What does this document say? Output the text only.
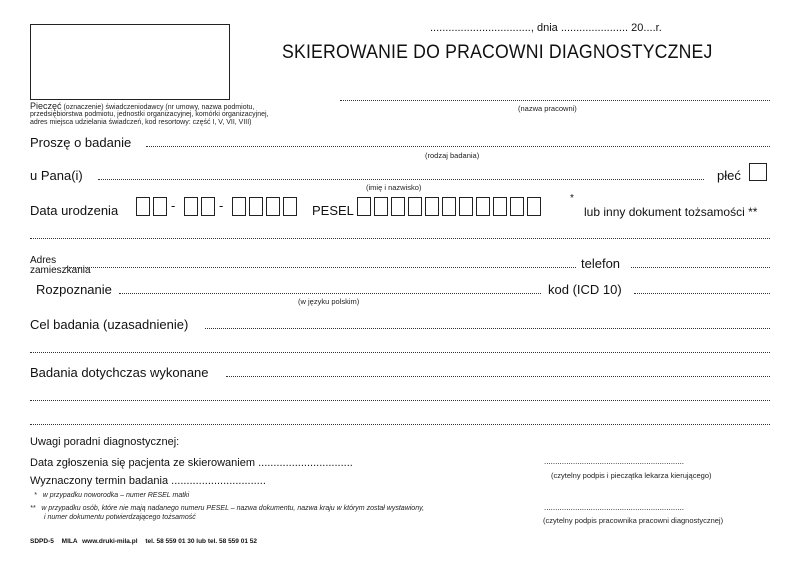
Pieczęć (oznaczenie) świadczeniodawcy (nr umowy, nazwa podmiotu,
przedsiębiorstwa podmiotu, jednostki organizacyjnej, komórki organizacyjnej,
adres miejsca udzielania świadczeń, kod resortowy: część I, V, VII, VIII)
................................., dnia ...................... 20....r.
SKIEROWANIE DO PRACOWNI DIAGNOSTYCZNEJ
(nazwa pracowni)
Proszę o badanie
(rodzaj badania)
u Pana(i)
(imię i nazwisko)
płeć
Data urodzenia	-	-	PESEL
*
lub inny dokument tożsamości **
Adres
zamieszkania	telefon
Rozpoznanie
(w języku polskim)
kod (ICD 10)
Cel badania (uzasadnienie)
Badania dotychczas wykonane
Uwagi poradni diagnostycznej:
Data zgłoszenia się pacjenta ze skierowaniem ...............................
Wyznaczony termin badania ...............................
...............................................................
(czytelny podpis i pieczątka lekarza kierującego)
...............................................................
(czytelny podpis pracownika pracowni diagnostycznej)
* w przypadku noworodka – numer RESEL matki
** w przypadku osób, które nie mają nadanego numeru PESEL – nazwa dokumentu, nazwa kraju w którym został wystawiony,
i numer dokumentu potwierdzającego tożsamość
SDPD-5 MILA www.druki-mila.pl tel. 58 559 01 30 lub tel. 58 559 01 52
